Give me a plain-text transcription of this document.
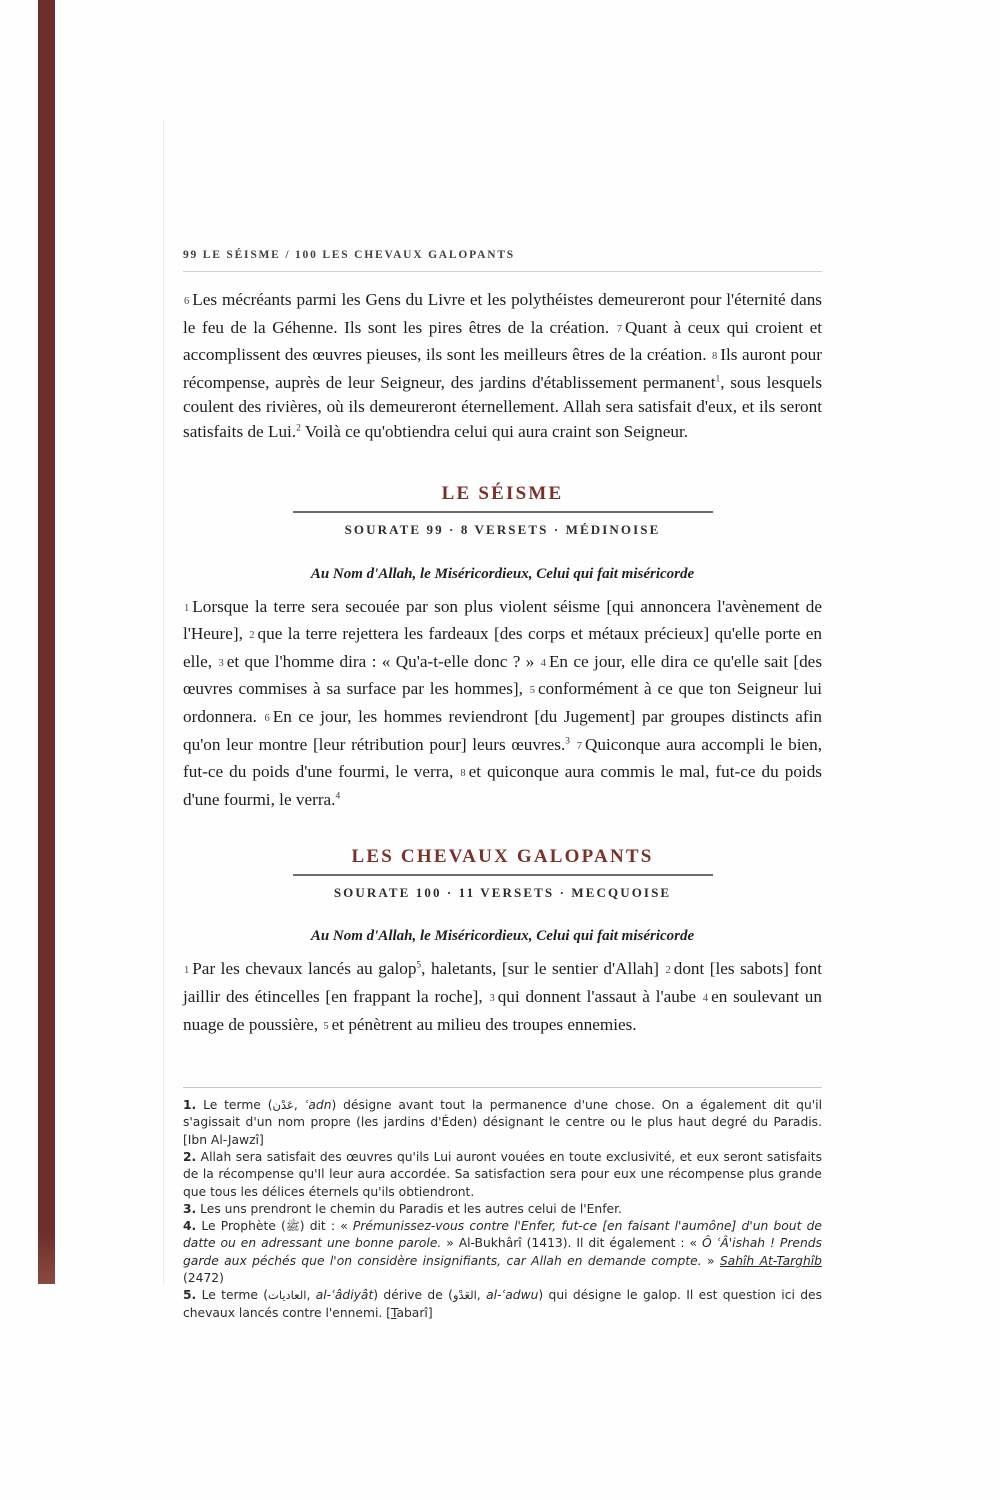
99 LE SÉISME / 100 LES CHEVAUX GALOPANTS

6 Les mécréants parmi les Gens du Livre et les polythéistes demeureront pour l'éternité dans le feu de la Géhenne. Ils sont les pires êtres de la création. 7 Quant à ceux qui croient et accomplissent des œuvres pieuses, ils sont les meilleurs êtres de la création. 8 Ils auront pour récompense, auprès de leur Seigneur, des jardins d'établissement permanent$^1$, sous lesquels coulent des rivières, où ils demeureront éternellement. Allah sera satisfait d'eux, et ils seront satisfaits de Lui.$^2$ Voilà ce qu'obtiendra celui qui aura craint son Seigneur.

LE SÉISME
SOURATE 99 · 8 VERSETS · MÉDINOISE
Au Nom d'Allah, le Miséricordieux, Celui qui fait miséricorde

1 Lorsque la terre sera secouée par son plus violent séisme [qui annoncera l'avènement de l'Heure], 2 que la terre rejettera les fardeaux [des corps et métaux précieux] qu'elle porte en elle, 3 et que l'homme dira : « Qu'a-t-elle donc ? » 4 En ce jour, elle dira ce qu'elle sait [des œuvres commises à sa surface par les hommes], 5 conformément à ce que ton Seigneur lui ordonnera. 6 En ce jour, les hommes reviendront [du Jugement] par groupes distincts afin qu'on leur montre [leur rétribution pour] leurs œuvres.$^3$ 7 Quiconque aura accompli le bien, fut-ce du poids d'une fourmi, le verra, 8 et quiconque aura commis le mal, fut-ce du poids d'une fourmi, le verra.$^4$

LES CHEVAUX GALOPANTS
SOURATE 100 · 11 VERSETS · MECQUOISE
Au Nom d'Allah, le Miséricordieux, Celui qui fait miséricorde

1 Par les chevaux lancés au galop$^5$, haletants, [sur le sentier d'Allah] 2 dont [les sabots] font jaillir des étincelles [en frappant la roche], 3 qui donnent l'assaut à l'aube 4 en soulevant un nuage de poussière, 5 et pénètrent au milieu des troupes ennemies.

1. Le terme (عَدْن, ʿadn) désigne avant tout la permanence d'une chose. On a également dit qu'il s'agissait d'un nom propre (les jardins d'Éden) désignant le centre ou le plus haut degré du Paradis. [Ibn Al-Jawzî]

2. Allah sera satisfait des œuvres qu'ils Lui auront vouées en toute exclusivité, et eux seront satisfaits de la récompense qu'Il leur aura accordée. Sa satisfaction sera pour eux une récompense plus grande que tous les délices éternels qu'ils obtiendront.

3. Les uns prendront le chemin du Paradis et les autres celui de l'Enfer.

4. Le Prophète (ﷺ) dit : « Prémunissez-vous contre l'Enfer, fut-ce [en faisant l'aumône] d'un bout de datte ou en adressant une bonne parole. » Al-Bukhârî (1413). Il dit également : « Ô ʿÂ'ishah ! Prends garde aux péchés que l'on considère insignifiants, car Allah en demande compte. » Sahîh At-Targhîb (2472)

5. Le terme (العاديات, al-ʿâdiyât) dérive de (العَدْو, al-ʿadwu) qui désigne le galop. Il est question ici des chevaux lancés contre l'ennemi. [Tabarî]
